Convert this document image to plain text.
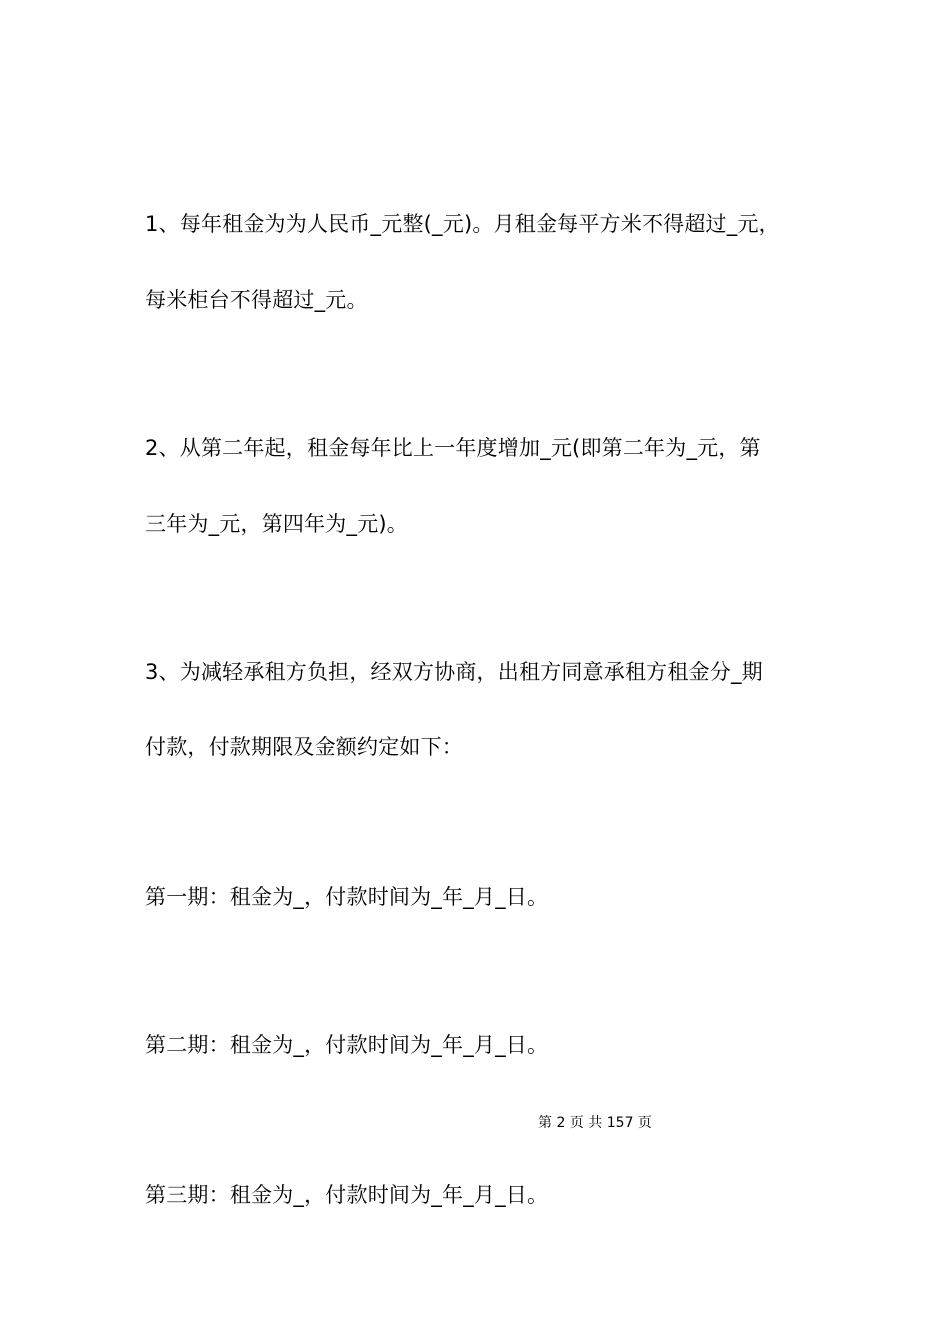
1、每年租金为为人民币_元整(_元)。月租金每平方米不得超过_元，
每米柜台不得超过_元。
2、从第二年起，租金每年比上一年度增加_元(即第二年为_元，第
三年为_元，第四年为_元)。
3、为减轻承租方负担，经双方协商，出租方同意承租方租金分_期
付款，付款期限及金额约定如下：
第一期：租金为_，付款时间为_年_月_日。
第二期：租金为_，付款时间为_年_月_日。
第 2 页 共 157 页
第三期：租金为_，付款时间为_年_月_日。
